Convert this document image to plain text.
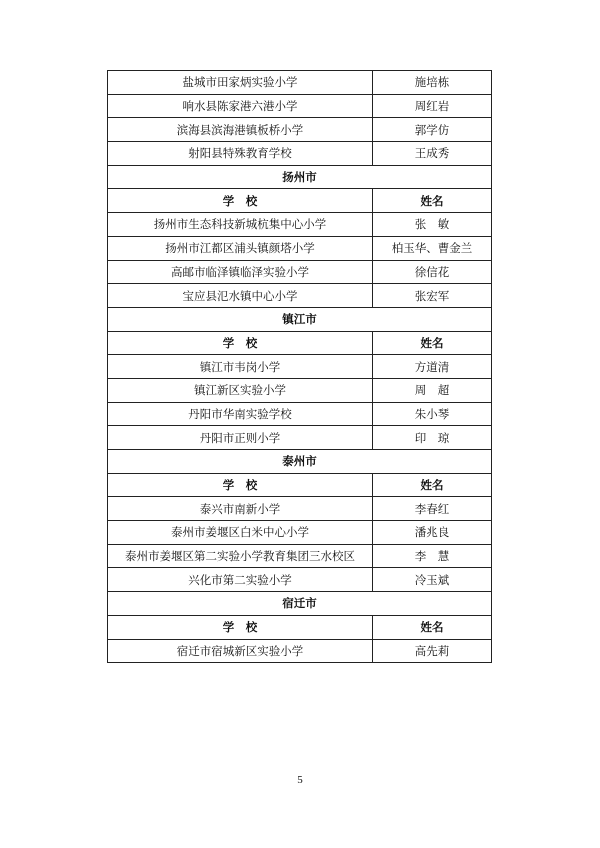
盐城市田家炳实验小学	施培栋
响水县陈家港六港小学	周红岩
滨海县滨海港镇板桥小学	郭学仿
射阳县特殊教育学校	王成秀
扬州市	
学　校	姓名
扬州市生态科技新城杭集中心小学	张　敏
扬州市江都区浦头镇颜塔小学	柏玉华、曹金兰
高邮市临泽镇临泽实验小学	徐信花
宝应县氾水镇中心小学	张宏军
镇江市	
学　校	姓名
镇江市韦岗小学	方道清
镇江新区实验小学	周　超
丹阳市华南实验学校	朱小琴
丹阳市正则小学	印　琼
泰州市	
学　校	姓名
泰兴市南新小学	李春红
泰州市姜堰区白米中心小学	潘兆良
泰州市姜堰区第二实验小学教育集团三水校区	李　慧
兴化市第二实验小学	冷玉斌
宿迁市	
学　校	姓名
宿迁市宿城新区实验小学	高先莉
5
